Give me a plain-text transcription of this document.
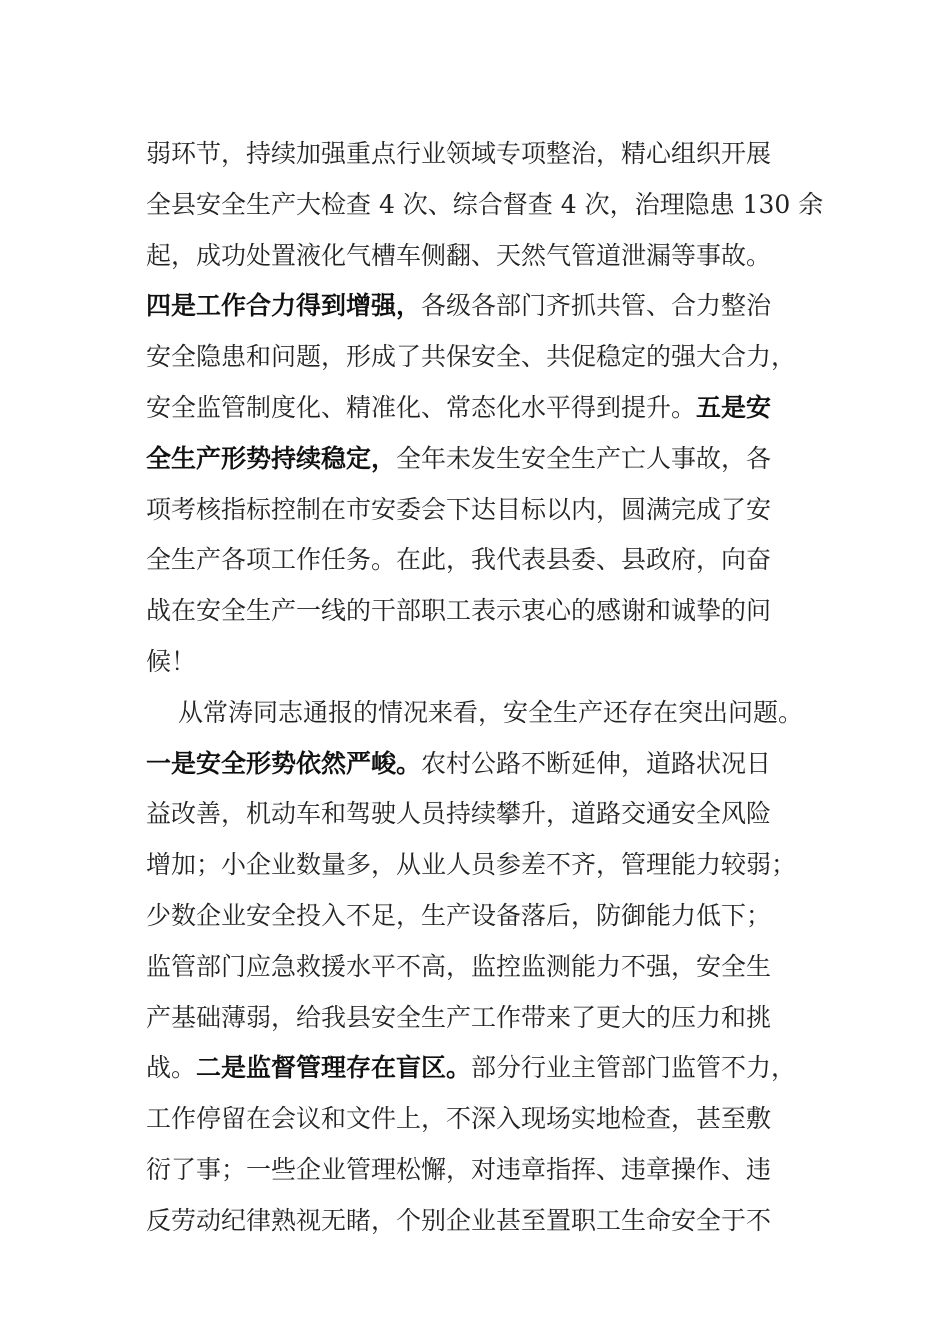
弱环节，持续加强重点行业领域专项整治，精心组织开展
全县安全生产大检查 4 次、综合督查 4 次，治理隐患 130 余
起，成功处置液化气槽车侧翻、天然气管道泄漏等事故。
四是工作合力得到增强，各级各部门齐抓共管、合力整治
安全隐患和问题，形成了共保安全、共促稳定的强大合力，
安全监管制度化、精准化、常态化水平得到提升。五是安
全生产形势持续稳定，全年未发生安全生产亡人事故，各
项考核指标控制在市安委会下达目标以内，圆满完成了安
全生产各项工作任务。在此，我代表县委、县政府，向奋
战在安全生产一线的干部职工表示衷心的感谢和诚挚的问
候！
从常涛同志通报的情况来看，安全生产还存在突出问题。
一是安全形势依然严峻。农村公路不断延伸，道路状况日
益改善，机动车和驾驶人员持续攀升，道路交通安全风险
增加；小企业数量多，从业人员参差不齐，管理能力较弱；
少数企业安全投入不足，生产设备落后，防御能力低下；
监管部门应急救援水平不高，监控监测能力不强，安全生
产基础薄弱，给我县安全生产工作带来了更大的压力和挑
战。二是监督管理存在盲区。部分行业主管部门监管不力，
工作停留在会议和文件上，不深入现场实地检查，甚至敷
衍了事；一些企业管理松懈，对违章指挥、违章操作、违
反劳动纪律熟视无睹，个别企业甚至置职工生命安全于不
